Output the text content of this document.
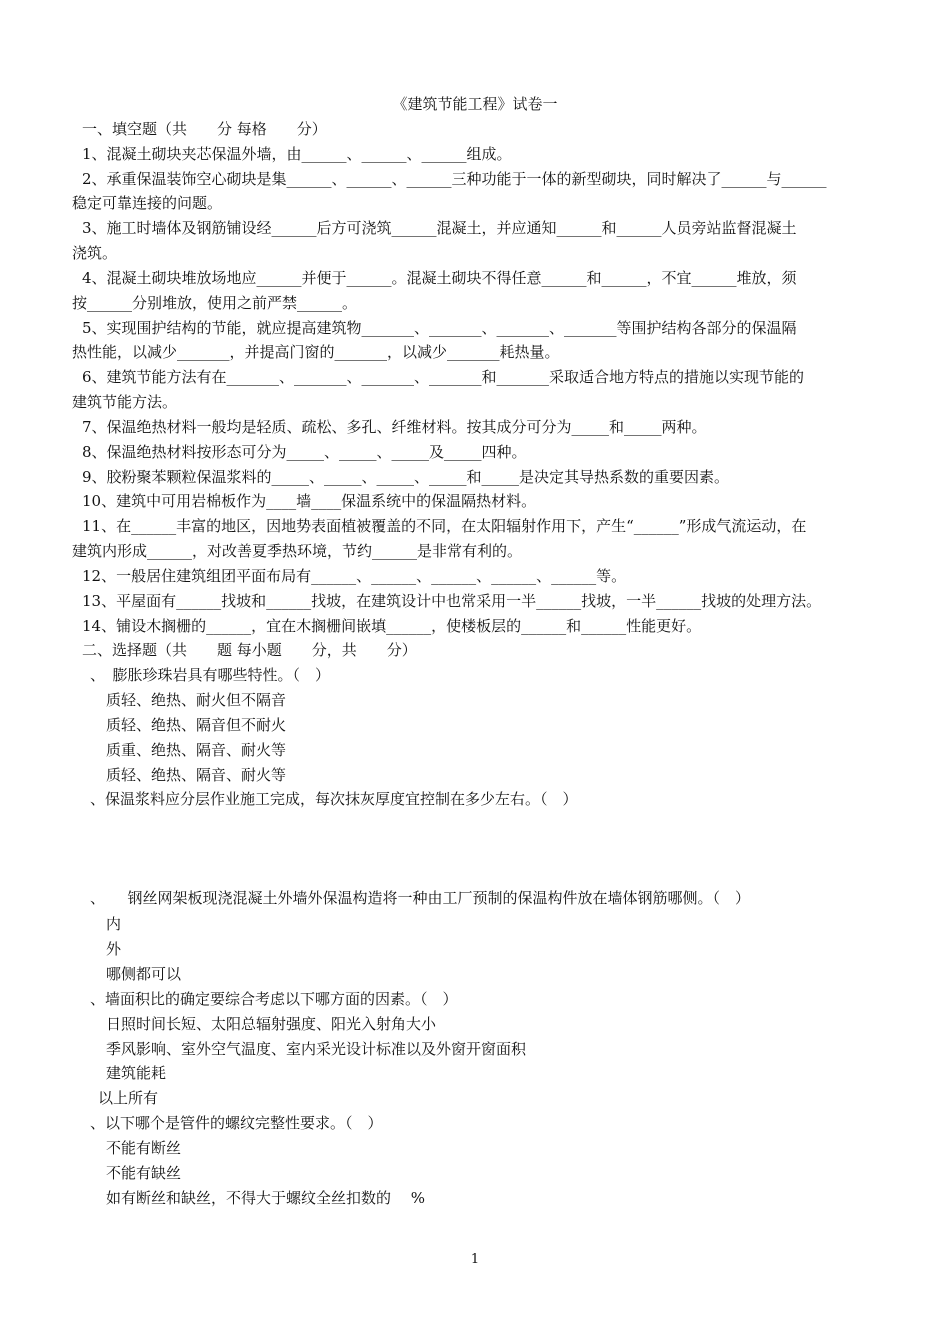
《建筑节能工程》试卷一
一、填空题（共　　分 每格　　分）
1、混凝土砌块夹芯保温外墙，由______、______、______组成。
2、承重保温装饰空心砌块是集______、______、______三种功能于一体的新型砌块，同时解决了______与______
稳定可靠连接的问题。
3、施工时墙体及钢筋铺设经______后方可浇筑______混凝土，并应通知______和______人员旁站监督混凝土
浇筑。
4、混凝土砌块堆放场地应______并便于______。混凝土砌块不得任意______和______，不宜______堆放，须
按______分别堆放，使用之前严禁______。
5、实现围护结构的节能，就应提高建筑物_______、_______、_______、_______等围护结构各部分的保温隔
热性能，以减少_______，并提高门窗的_______，以减少_______耗热量。
6、建筑节能方法有在_______、_______、_______、_______和_______采取适合地方特点的措施以实现节能的
建筑节能方法。
7、保温绝热材料一般均是轻质、疏松、多孔、纤维材料。按其成分可分为_____和_____两种。
8、保温绝热材料按形态可分为_____、_____、_____及_____四种。
9、胶粉聚苯颗粒保温浆料的_____、_____、_____、_____和_____是决定其导热系数的重要因素。
10、建筑中可用岩棉板作为____墙____保温系统中的保温隔热材料。
11、在______丰富的地区，因地势表面植被覆盖的不同，在太阳辐射作用下，产生“______”形成气流运动，在
建筑内形成______，对改善夏季热环境，节约______是非常有利的。
12、一般居住建筑组团平面布局有______、______、______、______、______等。
13、平屋面有______找坡和______找坡，在建筑设计中也常采用一半______找坡，一半______找坡的处理方法。
14、铺设木搁栅的______，宜在木搁栅间嵌填______，使楼板层的______和______性能更好。
二、选择题（共　　题 每小题　　分，共　　分）
、　膨胀珍珠岩具有哪些特性。（　）
质轻、绝热、耐火但不隔音
质轻、绝热、隔音但不耐火
质重、绝热、隔音、耐火等
质轻、绝热、隔音、耐火等
、保温浆料应分层作业施工完成，每次抹灰厚度宜控制在多少左右。（　）
、　　钢丝网架板现浇混凝土外墙外保温构造将一种由工厂预制的保温构件放在墙体钢筋哪侧。（　）
内
外
哪侧都可以
、墙面积比的确定要综合考虑以下哪方面的因素。（　）
日照时间长短、太阳总辐射强度、阳光入射角大小
季风影响、室外空气温度、室内采光设计标准以及外窗开窗面积
建筑能耗
以上所有
、以下哪个是管件的螺纹完整性要求。（　）
不能有断丝
不能有缺丝
如有断丝和缺丝，不得大于螺纹全丝扣数的　 %
1
